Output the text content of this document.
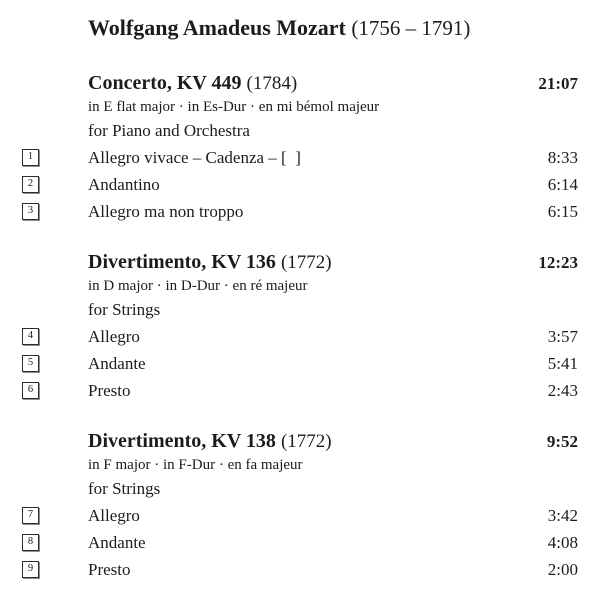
Wolfgang Amadeus Mozart (1756 – 1791)
Concerto, KV 449 (1784)	21:07
in E flat major · in Es-Dur · en mi bémol majeur
for Piano and Orchestra
1	Allegro vivace – Cadenza – [  ]	8:33
2	Andantino	6:14
3	Allegro ma non troppo	6:15
Divertimento, KV 136 (1772)	12:23
in D major · in D-Dur · en ré majeur
for Strings
4	Allegro	3:57
5	Andante	5:41
6	Presto	2:43
Divertimento, KV 138 (1772)	9:52
in F major · in F-Dur · en fa majeur
for Strings
7	Allegro	3:42
8	Andante	4:08
9	Presto	2:00
